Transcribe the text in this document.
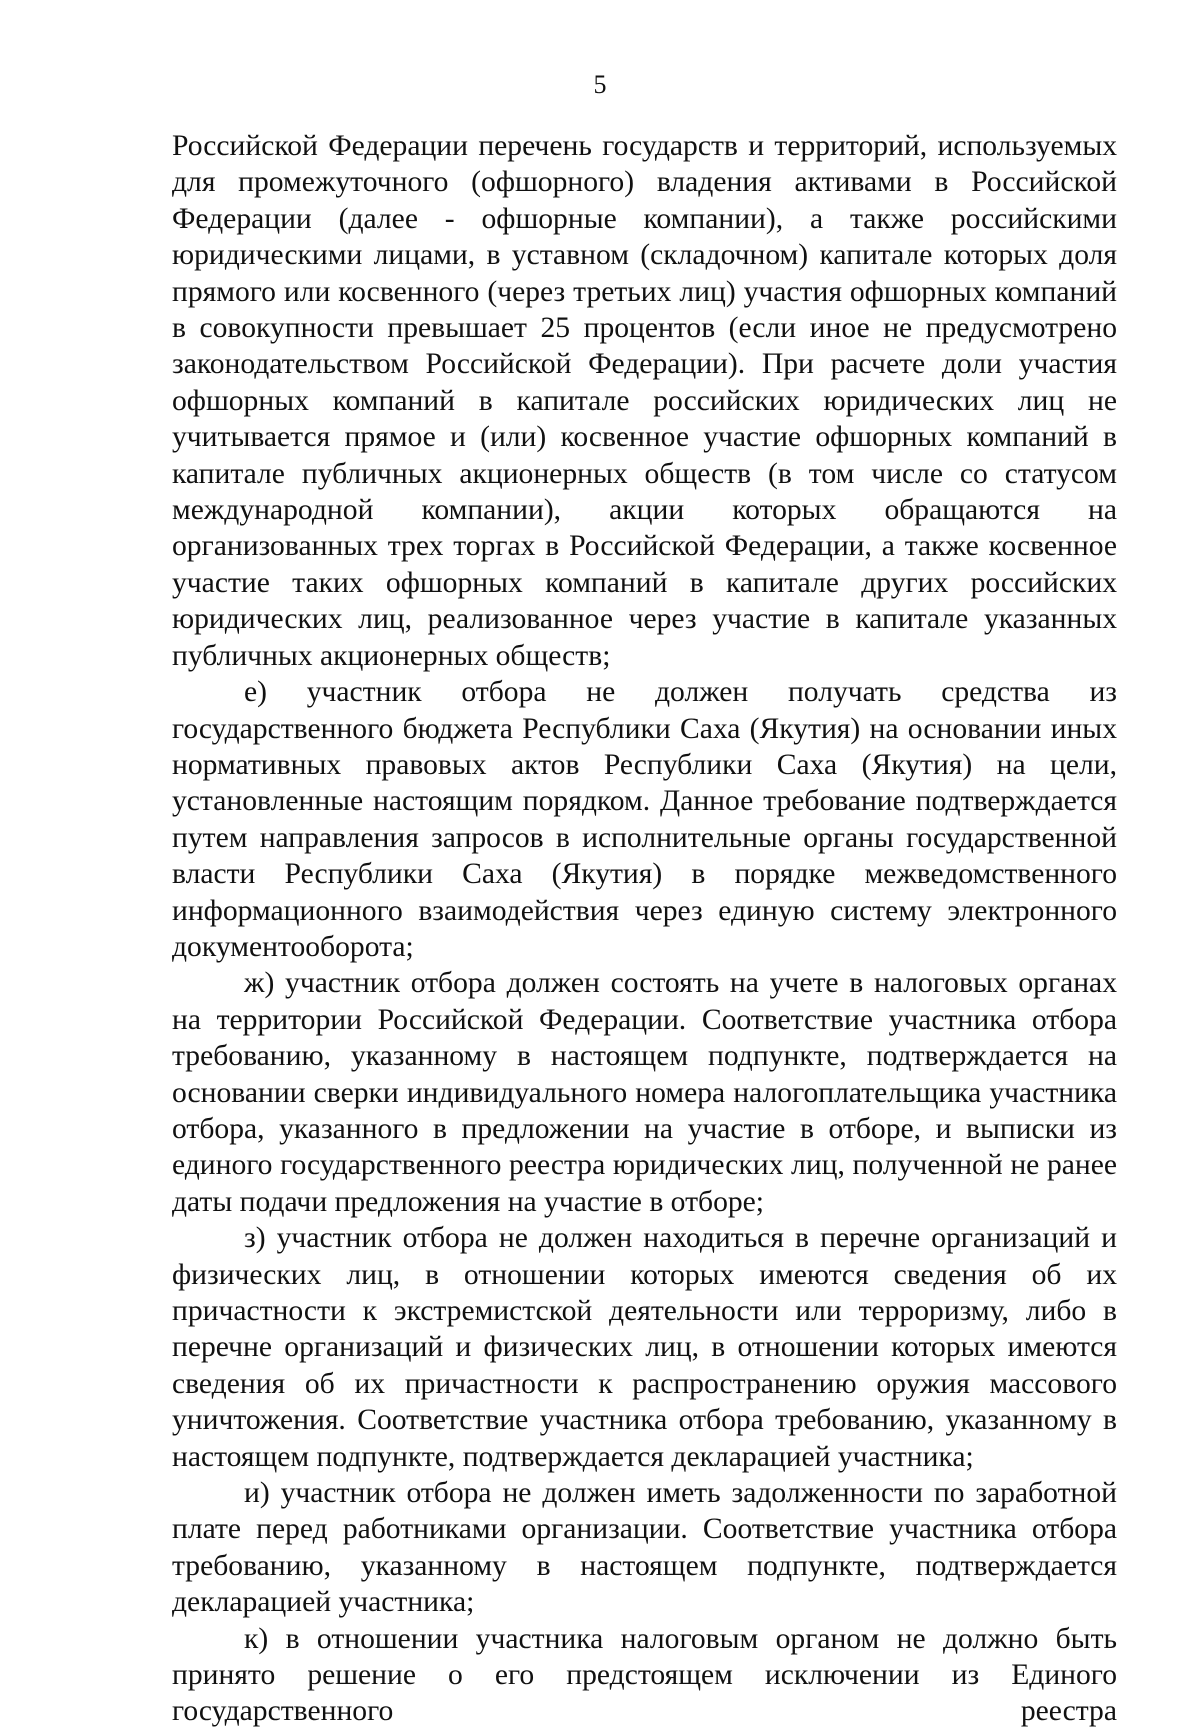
5

Российской Федерации перечень государств и территорий, используемых для промежуточного (офшорного) владения активами в Российской Федерации (далее - офшорные компании), а также российскими юридическими лицами, в уставном (складочном) капитале которых доля прямого или косвенного (через третьих лиц) участия офшорных компаний в совокупности превышает 25 процентов (если иное не предусмотрено законодательством Российской Федерации). При расчете доли участия офшорных компаний в капитале российских юридических лиц не учитывается прямое и (или) косвенное участие офшорных компаний в капитале публичных акционерных обществ (в том числе со статусом международной компании), акции которых обращаются на организованных трех торгах в Российской Федерации, а также косвенное участие таких офшорных компаний в капитале других российских юридических лиц, реализованное через участие в капитале указанных публичных акционерных обществ;

е) участник отбора не должен получать средства из государственного бюджета Республики Саха (Якутия) на основании иных нормативных правовых актов Республики Саха (Якутия) на цели, установленные настоящим порядком. Данное требование подтверждается путем направления запросов в исполнительные органы государственной власти Республики Саха (Якутия) в порядке межведомственного информационного взаимодействия через единую систему электронного документооборота;

ж) участник отбора должен состоять на учете в налоговых органах на территории Российской Федерации. Соответствие участника отбора требованию, указанному в настоящем подпункте, подтверждается на основании сверки индивидуального номера налогоплательщика участника отбора, указанного в предложении на участие в отборе, и выписки из единого государственного реестра юридических лиц, полученной не ранее даты подачи предложения на участие в отборе;

з) участник отбора не должен находиться в перечне организаций и физических лиц, в отношении которых имеются сведения об их причастности к экстремистской деятельности или терроризму, либо в перечне организаций и физических лиц, в отношении которых имеются сведения об их причастности к распространению оружия массового уничтожения. Соответствие участника отбора требованию, указанному в настоящем подпункте, подтверждается декларацией участника;

и) участник отбора не должен иметь задолженности по заработной плате перед работниками организации. Соответствие участника отбора требованию, указанному в настоящем подпункте, подтверждается декларацией участника;

к) в отношении участника налоговым органом не должно быть принято решение о его предстоящем исключении из Единого государственного реестра
